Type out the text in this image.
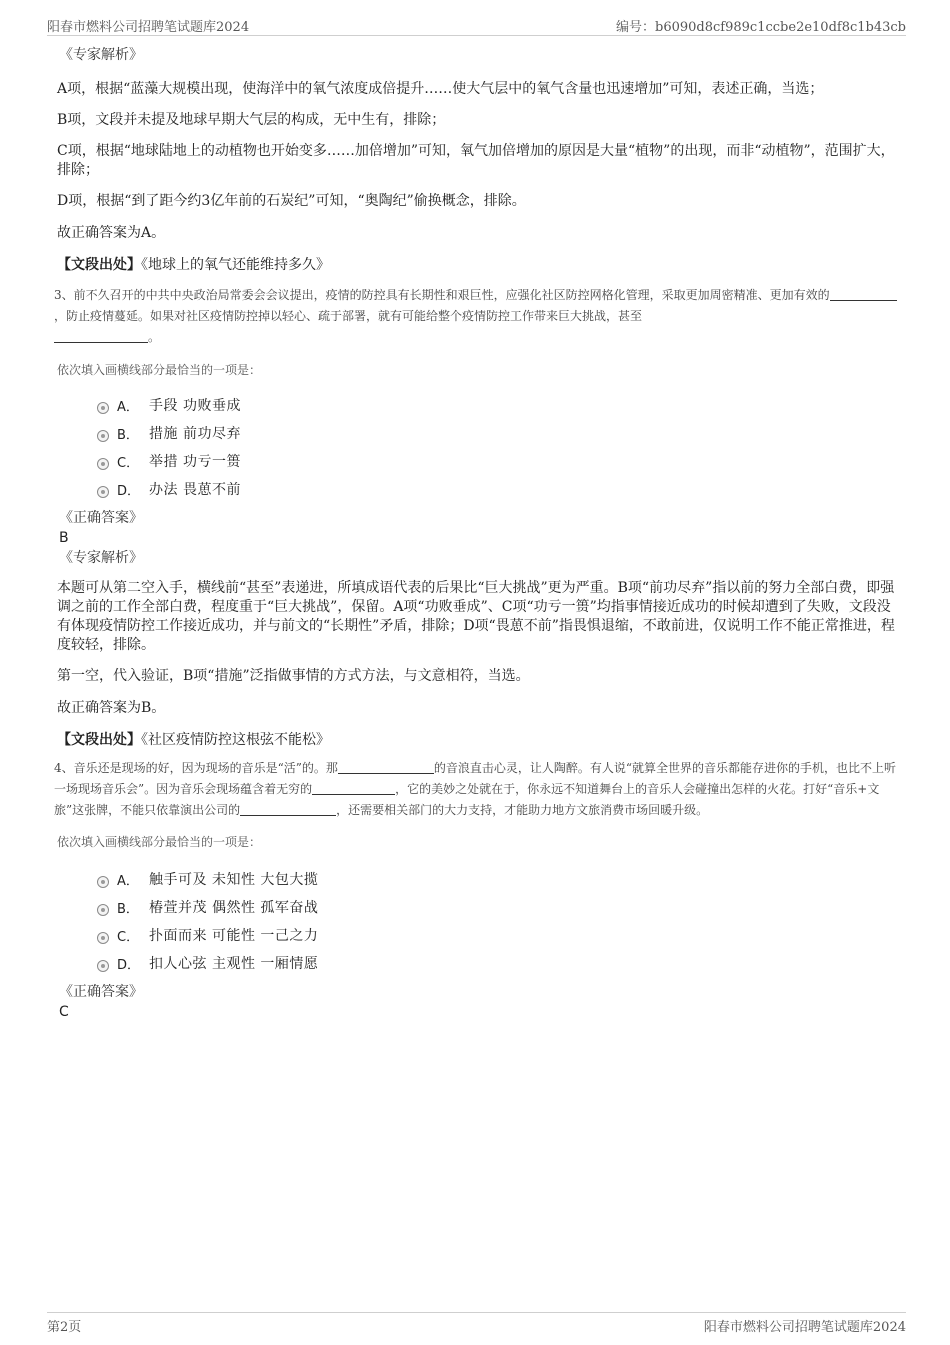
阳春市燃料公司招聘笔试题库2024	编号：b6090d8cf989c1ccbe2e10df8c1b43cb
《专家解析》

A项，根据“蓝藻大规模出现，使海洋中的氧气浓度成倍提升……使大气层中的氧气含量也迅速增加”可知，表述正确，当选；

B项，文段并未提及地球早期大气层的构成，无中生有，排除；

C项，根据“地球陆地上的动植物也开始变多……加倍增加”可知，氧气加倍增加的原因是大量“植物”的出现，而非“动植物”，范围扩大，排除；

D项，根据“到了距今约3亿年前的石炭纪”可知，“奥陶纪”偷换概念，排除。

故正确答案为A。

【文段出处】《地球上的氧气还能维持多久》

3、前不久召开的中共中央政治局常委会会议提出，疫情的防控具有长期性和艰巨性，应强化社区防控网格化管理，采取更加周密精准、更加有效的，防止疫情蔓延。如果对社区疫情防控掉以轻心、疏于部署，就有可能给整个疫情防控工作带来巨大挑战，甚至
。

依次填入画横线部分最恰当的一项是：

A． 手段 功败垂成
B． 措施 前功尽弃
C． 举措 功亏一篑
D． 办法 畏葸不前
《正确答案》
B
《专家解析》

本题可从第二空入手，横线前“甚至”表递进，所填成语代表的后果比“巨大挑战”更为严重。B项“前功尽弃”指以前的努力全部白费，即强调之前的工作全部白费，程度重于“巨大挑战”，保留。A项“功败垂成”、C项“功亏一篑”均指事情接近成功的时候却遭到了失败，文段没有体现疫情防控工作接近成功，并与前文的“长期性”矛盾，排除；D项“畏葸不前”指畏惧退缩，不敢前进，仅说明工作不能正常推进，程度较轻，排除。

第一空，代入验证，B项“措施”泛指做事情的方式方法，与文意相符，当选。

故正确答案为B。

【文段出处】《社区疫情防控这根弦不能松》

4、音乐还是现场的好，因为现场的音乐是“活”的。那	的音浪直击心灵，让人陶醉。有人说“就算全世界的音乐都能存进你的手机，也比不上听一场现场音乐会”。因为音乐会现场蕴含着无穷的	，它的美妙之处就在于，你永远不知道舞台上的音乐人会碰撞出怎样的火花。打好“音乐+文旅”这张牌，不能只依靠演出公司的	，还需要相关部门的大力支持，才能助力地方文旅消费市场回暖升级。

依次填入画横线部分最恰当的一项是：

A． 触手可及 未知性 大包大揽
B． 椿萱并茂 偶然性 孤军奋战
C． 扑面而来 可能性 一己之力
D． 扣人心弦 主观性 一厢情愿
《正确答案》
C
第2页	阳春市燃料公司招聘笔试题库2024
